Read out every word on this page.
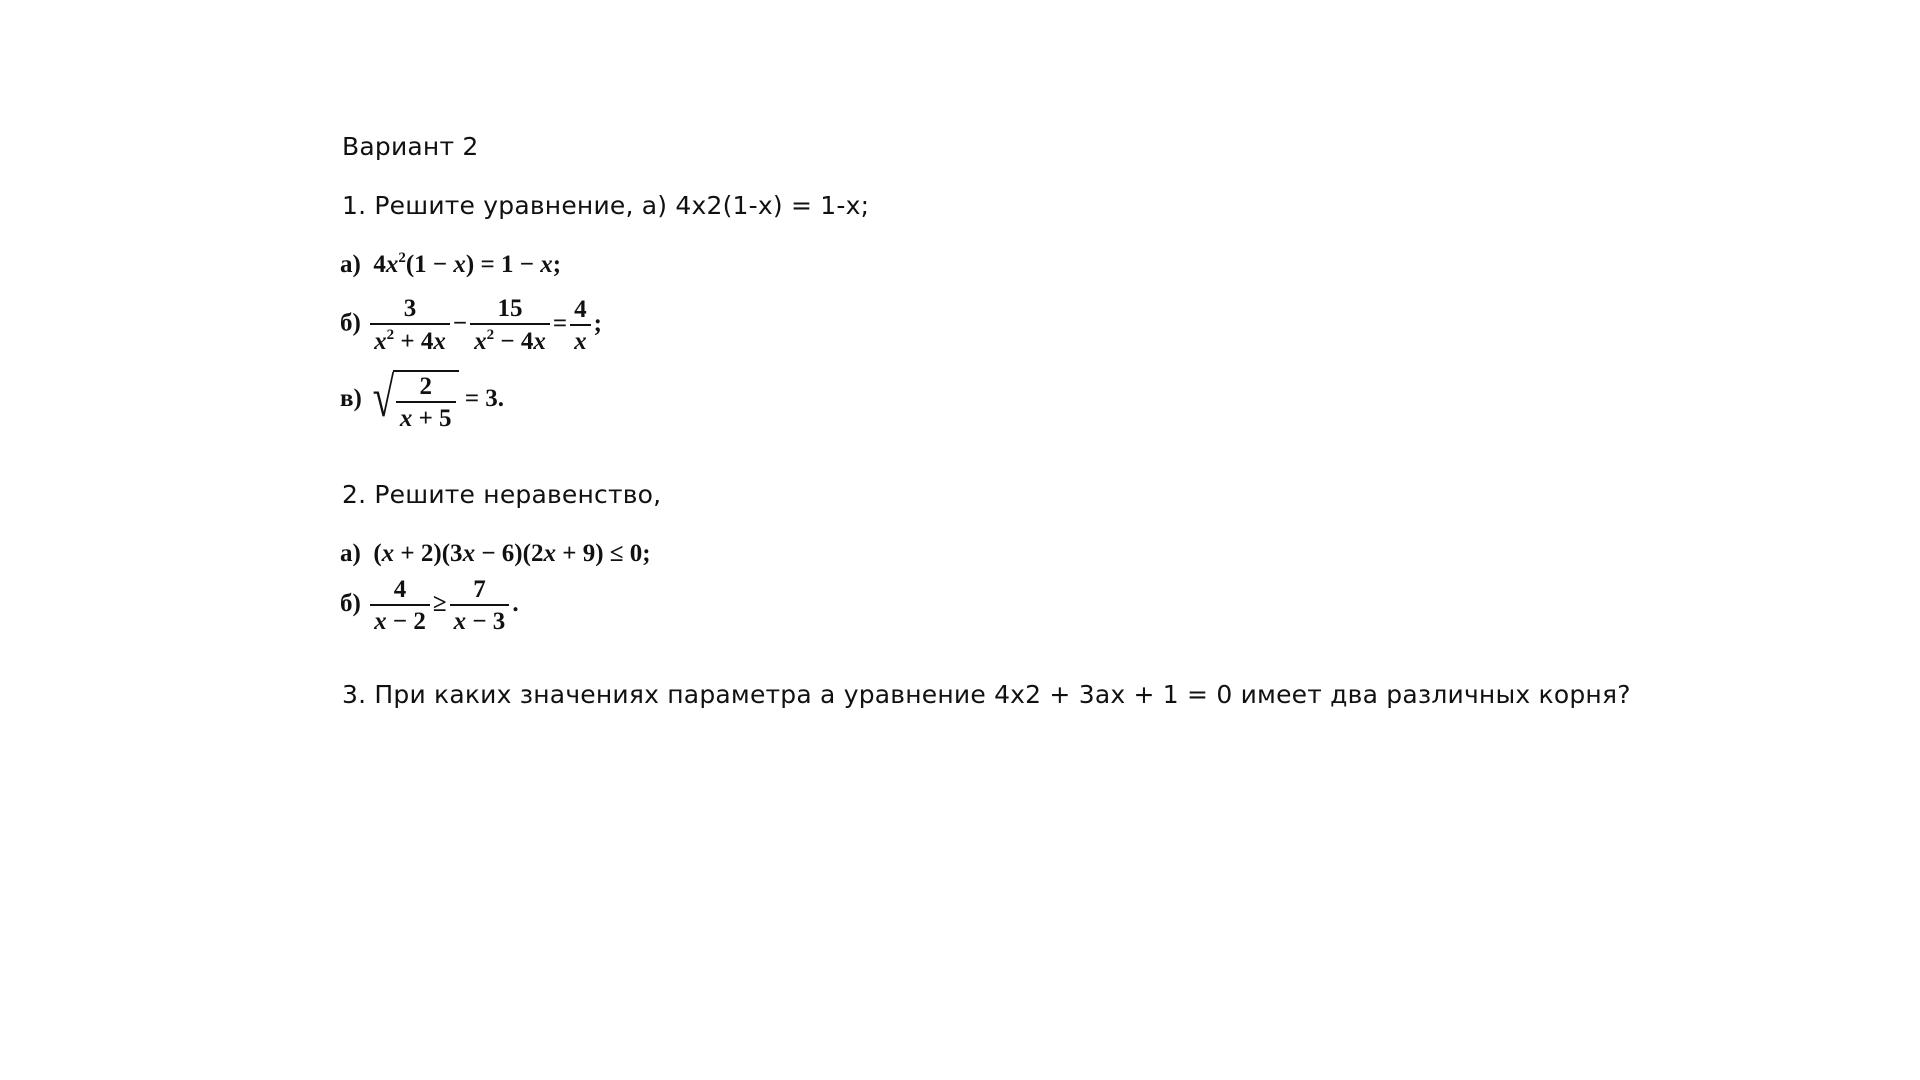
Вариант 2
1. Решите уравнение, а) 4x2(1-x) = 1-x;
а)  $4x^2(1 - x) = 1 - x$;
$б) \frac{3}{x^2 + 4x} - \frac{15}{x^2 - 4x} = \frac{4}{x}$ ;
в) √ $\frac{2}{x + 5} = 3$.
2. Решите неравенство,
а)  (x + 2)(3x − 6)(2x + 9) ≤ 0;
$б) \frac{4}{x - 2} \ge \frac{7}{x - 3}$ .
3. При каких значениях параметра а уравнение 4x2 + 3ax + 1 = 0 имеет два различных корня?
